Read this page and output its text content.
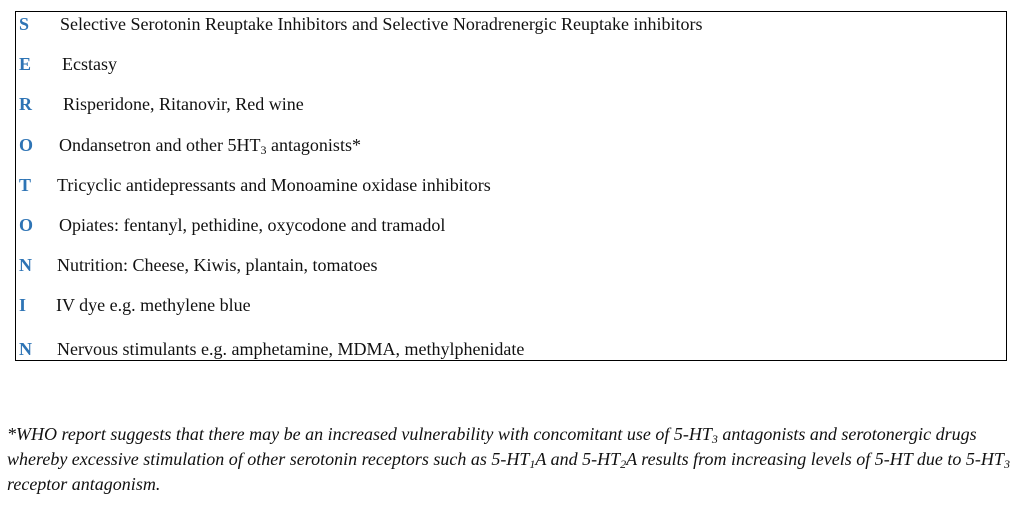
S Selective Serotonin Reuptake Inhibitors and Selective Noradrenergic Reuptake inhibitors
E Ecstasy
R Risperidone, Ritanovir, Red wine
O Ondansetron and other $5HT_3$ antagonists*
T Tricyclic antidepressants and Monoamine oxidase inhibitors
O Opiates: fentanyl, pethidine, oxycodone and tramadol
N Nutrition: Cheese, Kiwis, plantain, tomatoes
I IV dye e.g. methylene blue
N Nervous stimulants e.g. amphetamine, MDMA, methylphenidate

*WHO report suggests that there may be an increased vulnerability with concomitant use of $5-HT_3$ antagonists and serotonergic drugs whereby excessive stimulation of other serotonin receptors such as $5-HT_1A$ and $5-HT_2A$ results from increasing levels of 5-HT due to $5-HT_3$ receptor antagonism.
